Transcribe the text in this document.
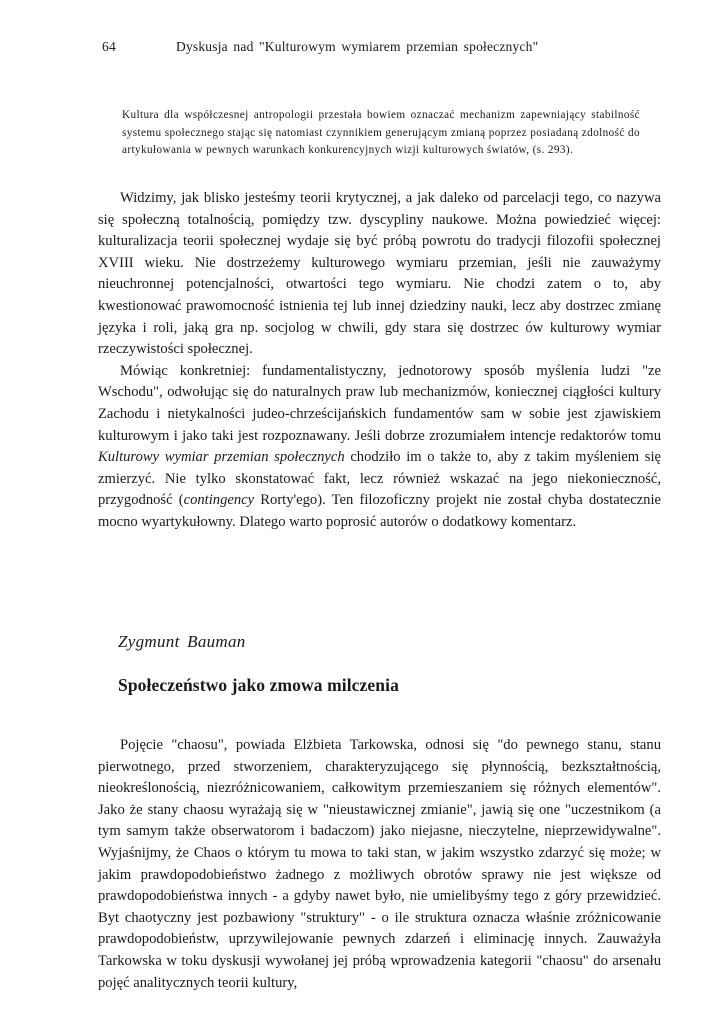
64	Dyskusja nad "Kulturowym wymiarem przemian społecznych"

Kultura dla współczesnej antropologii przestała bowiem oznaczać mechanizm zapewniający stabilność systemu społecznego stając się natomiast czynnikiem generującym zmianą poprzez posiadaną zdolność do artykułowania w pewnych warunkach konkurencyjnych wizji kulturowych światów, (s. 293).

Widzimy, jak blisko jesteśmy teorii krytycznej, a jak daleko od parcelacji tego, co nazywa się społeczną totalnością, pomiędzy tzw. dyscypliny naukowe. Można powiedzieć więcej: kulturalizacja teorii społecznej wydaje się być próbą powrotu do tradycji filozofii społecznej XVIII wieku. Nie dostrzeżemy kulturowego wymiaru przemian, jeśli nie zauważymy nieuchronnej potencjalności, otwartości tego wymiaru. Nie chodzi zatem o to, aby kwestionować prawomocność istnienia tej lub innej dziedziny nauki, lecz aby dostrzec zmianę języka i roli, jaką gra np. socjolog w chwili, gdy stara się dostrzec ów kulturowy wymiar rzeczywistości społecznej.

Mówiąc konkretniej: fundamentalistyczny, jednotorowy sposób myślenia ludzi "ze Wschodu", odwołując się do naturalnych praw lub mechanizmów, koniecznej ciągłości kultury Zachodu i nietykalności judeo-chrześcijańskich fundamentów sam w sobie jest zjawiskiem kulturowym i jako taki jest rozpoznawany. Jeśli dobrze zrozumiałem intencje redaktorów tomu Kulturowy wymiar przemian społecznych chodziło im o także to, aby z takim myśleniem się zmierzyć. Nie tylko skonstatować fakt, lecz również wskazać na jego niekonieczność, przygodność (contingency Rorty'ego). Ten filozoficzny projekt nie został chyba dostatecznie mocno wyartykułowny. Dlatego warto poprosić autorów o dodatkowy komentarz.

Zygmunt Bauman
Społeczeństwo jako zmowa milczenia

Pojęcie "chaosu", powiada Elżbieta Tarkowska, odnosi się "do pewnego stanu, stanu pierwotnego, przed stworzeniem, charakteryzującego się płynnością, bezkształtnością, nieokreślonością, niezróżnicowaniem, całkowitym przemieszaniem się różnych elementów". Jako że stany chaosu wyrażają się w "nieustawicznej zmianie", jawią się one "uczestnikom (a tym samym także obserwatorom i badaczom) jako niejasne, nieczytelne, nieprzewidywalne". Wyjaśnijmy, że Chaos o którym tu mowa to taki stan, w jakim wszystko zdarzyć się może; w jakim prawdopodobieństwo żadnego z możliwych obrotów sprawy nie jest większe od prawdopodobieństwa innych - a gdyby nawet było, nie umielibyśmy tego z góry przewidzieć. Byt chaotyczny jest pozbawiony "struktury" - o ile struktura oznacza właśnie zróżnicowanie prawdopodobieństw, uprzywilejowanie pewnych zdarzeń i eliminację innych. Zauważyła Tarkowska w toku dyskusji wywołanej jej próbą wprowadzenia kategorii "chaosu" do arsenału pojęć analitycznych teorii kultury,
